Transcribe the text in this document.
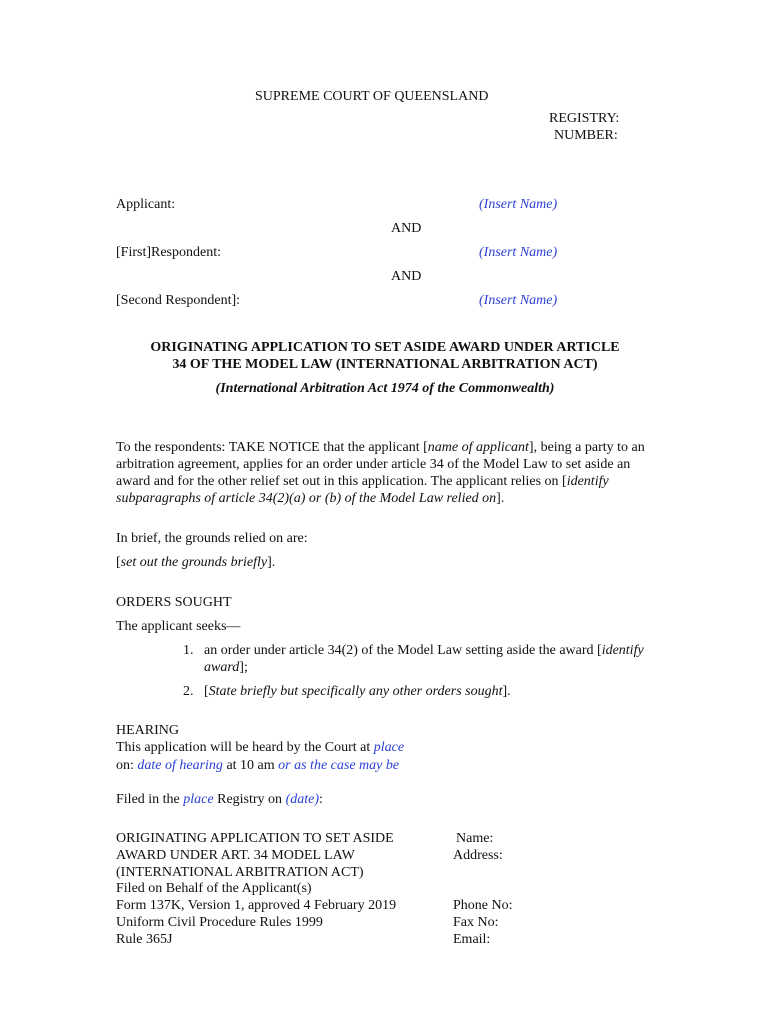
SUPREME COURT OF QUEENSLAND
REGISTRY:
NUMBER:
Applicant:	(Insert Name)
AND
[First]Respondent:	(Insert Name)
AND
[Second Respondent]:	(Insert Name)
ORIGINATING APPLICATION TO SET ASIDE AWARD UNDER ARTICLE
34 OF THE MODEL LAW (INTERNATIONAL ARBITRATION ACT)
(International Arbitration Act 1974 of the Commonwealth)
To the respondents: TAKE NOTICE that the applicant [name of applicant], being a party to an arbitration agreement, applies for an order under article 34 of the Model Law to set aside an award and for the other relief set out in this application. The applicant relies on [identify subparagraphs of article 34(2)(a) or (b) of the Model Law relied on].
In brief, the grounds relied on are:
[set out the grounds briefly].
ORDERS SOUGHT
The applicant seeks—
1. an order under article 34(2) of the Model Law setting aside the award [identify award];
2. [State briefly but specifically any other orders sought].
HEARING
This application will be heard by the Court at place
on: date of hearing at 10 am or as the case may be
Filed in the place Registry on (date):
ORIGINATING APPLICATION TO SET ASIDE
AWARD UNDER ART. 34 MODEL LAW
(INTERNATIONAL ARBITRATION ACT)
Filed on Behalf of the Applicant(s)
Form 137K, Version 1, approved 4 February 2019
Uniform Civil Procedure Rules 1999
Rule 365J
Name:
Address:
Phone No:
Fax No:
Email:
